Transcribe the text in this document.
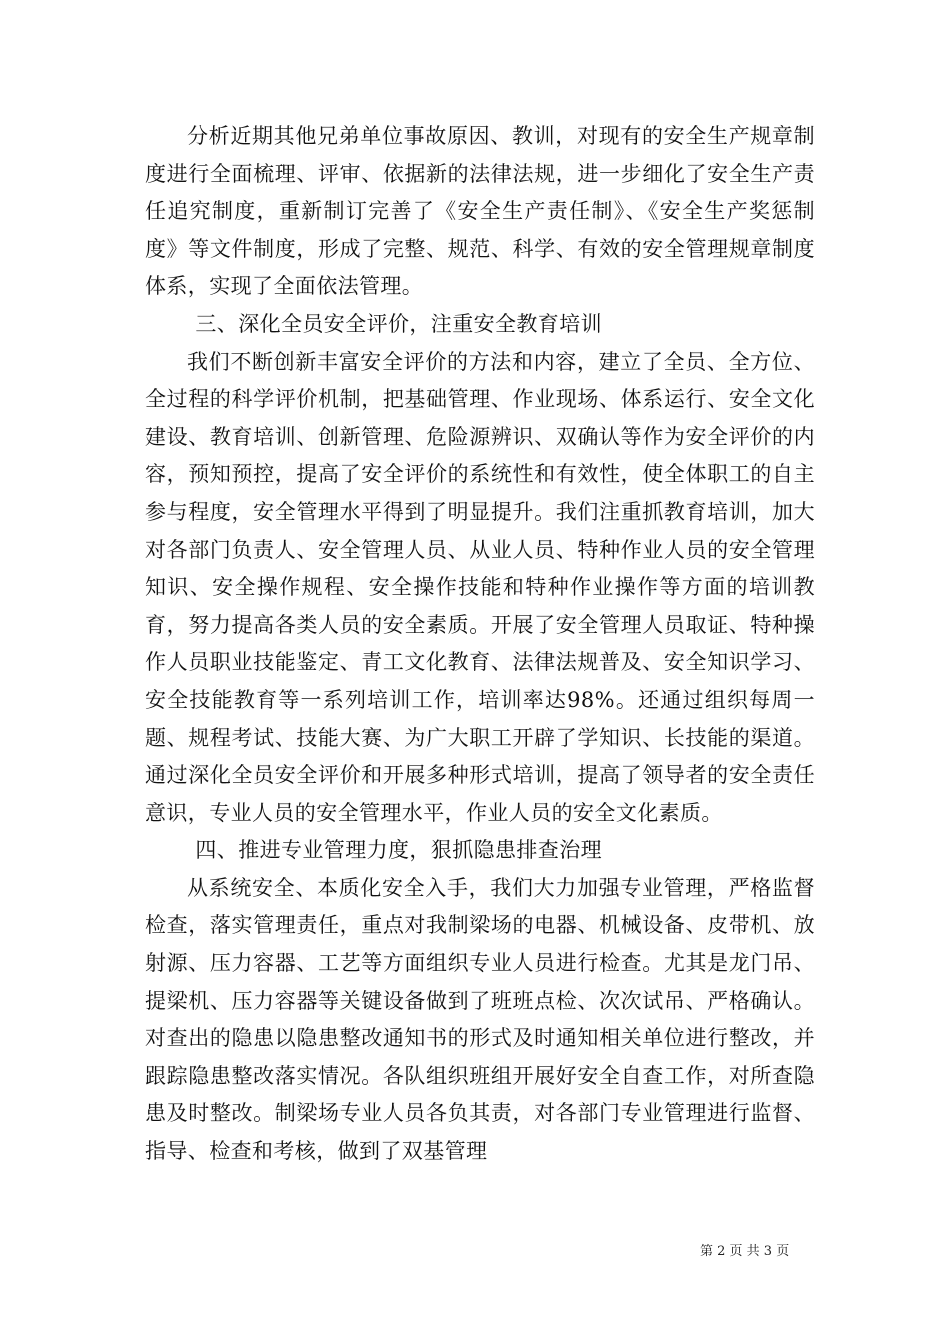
分析近期其他兄弟单位事故原因、教训，对现有的安全生产规章制度进行全面梳理、评审、依据新的法律法规，进一步细化了安全生产责任追究制度，重新制订完善了《安全生产责任制》、《安全生产奖惩制度》等文件制度，形成了完整、规范、科学、有效的安全管理规章制度体系，实现了全面依法管理。

三、深化全员安全评价，注重安全教育培训

我们不断创新丰富安全评价的方法和内容，建立了全员、全方位、全过程的科学评价机制，把基础管理、作业现场、体系运行、安全文化建设、教育培训、创新管理、危险源辨识、双确认等作为安全评价的内容，预知预控，提高了安全评价的系统性和有效性，使全体职工的自主参与程度，安全管理水平得到了明显提升。我们注重抓教育培训，加大对各部门负责人、安全管理人员、从业人员、特种作业人员的安全管理知识、安全操作规程、安全操作技能和特种作业操作等方面的培训教育，努力提高各类人员的安全素质。开展了安全管理人员取证、特种操作人员职业技能鉴定、青工文化教育、法律法规普及、安全知识学习、安全技能教育等一系列培训工作，培训率达98%。还通过组织每周一题、规程考试、技能大赛、为广大职工开辟了学知识、长技能的渠道。通过深化全员安全评价和开展多种形式培训，提高了领导者的安全责任意识，专业人员的安全管理水平，作业人员的安全文化素质。

四、推进专业管理力度，狠抓隐患排查治理

从系统安全、本质化安全入手，我们大力加强专业管理，严格监督检查，落实管理责任，重点对我制梁场的电器、机械设备、皮带机、放射源、压力容器、工艺等方面组织专业人员进行检查。尤其是龙门吊、提梁机、压力容器等关键设备做到了班班点检、次次试吊、严格确认。对查出的隐患以隐患整改通知书的形式及时通知相关单位进行整改，并跟踪隐患整改落实情况。各队组织班组开展好安全自查工作，对所查隐患及时整改。制梁场专业人员各负其责，对各部门专业管理进行监督、指导、检查和考核，做到了双基管理

第 2 页 共 3 页
